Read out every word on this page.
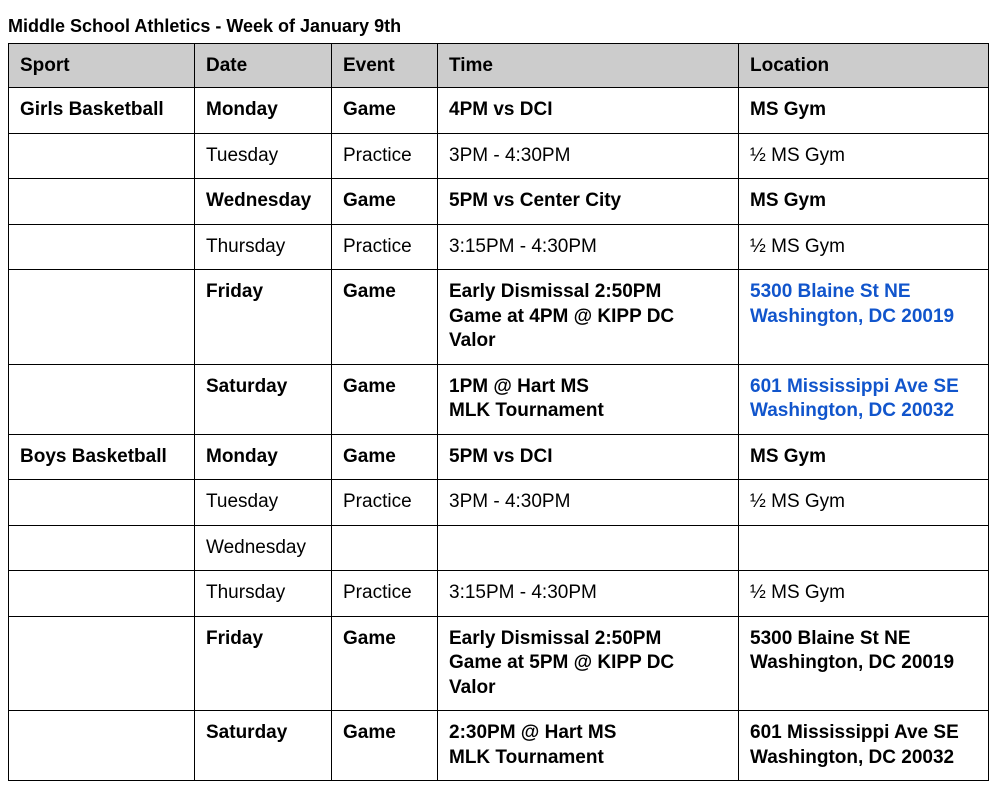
Middle School Athletics - Week of January 9th
Sport	Date	Event	Time	Location
Girls Basketball	Monday	Game	4PM vs DCI	MS Gym

	Tuesday	Practice	3PM - 4:30PM	½ MS Gym

	Wednesday	Game	5PM vs Center City	MS Gym

	Thursday	Practice	3:15PM - 4:30PM	½ MS Gym

	Friday	Game	Early Dismissal 2:50PM
Game at 4PM @ KIPP DC
Valor	5300 Blaine St NE
Washington, DC 20019

	Saturday	Game	1PM @ Hart MS
MLK Tournament	601 Mississippi Ave SE
Washington, DC 20032

Boys Basketball	Monday	Game	5PM vs DCI	MS Gym

	Tuesday	Practice	3PM - 4:30PM	½ MS Gym

	Wednesday			
	Thursday	Practice	3:15PM - 4:30PM	½ MS Gym

	Friday	Game	Early Dismissal 2:50PM
Game at 5PM @ KIPP DC
Valor	5300 Blaine St NE
Washington, DC 20019

	Saturday	Game	2:30PM @ Hart MS
MLK Tournament	601 Mississippi Ave SE
Washington, DC 20032
